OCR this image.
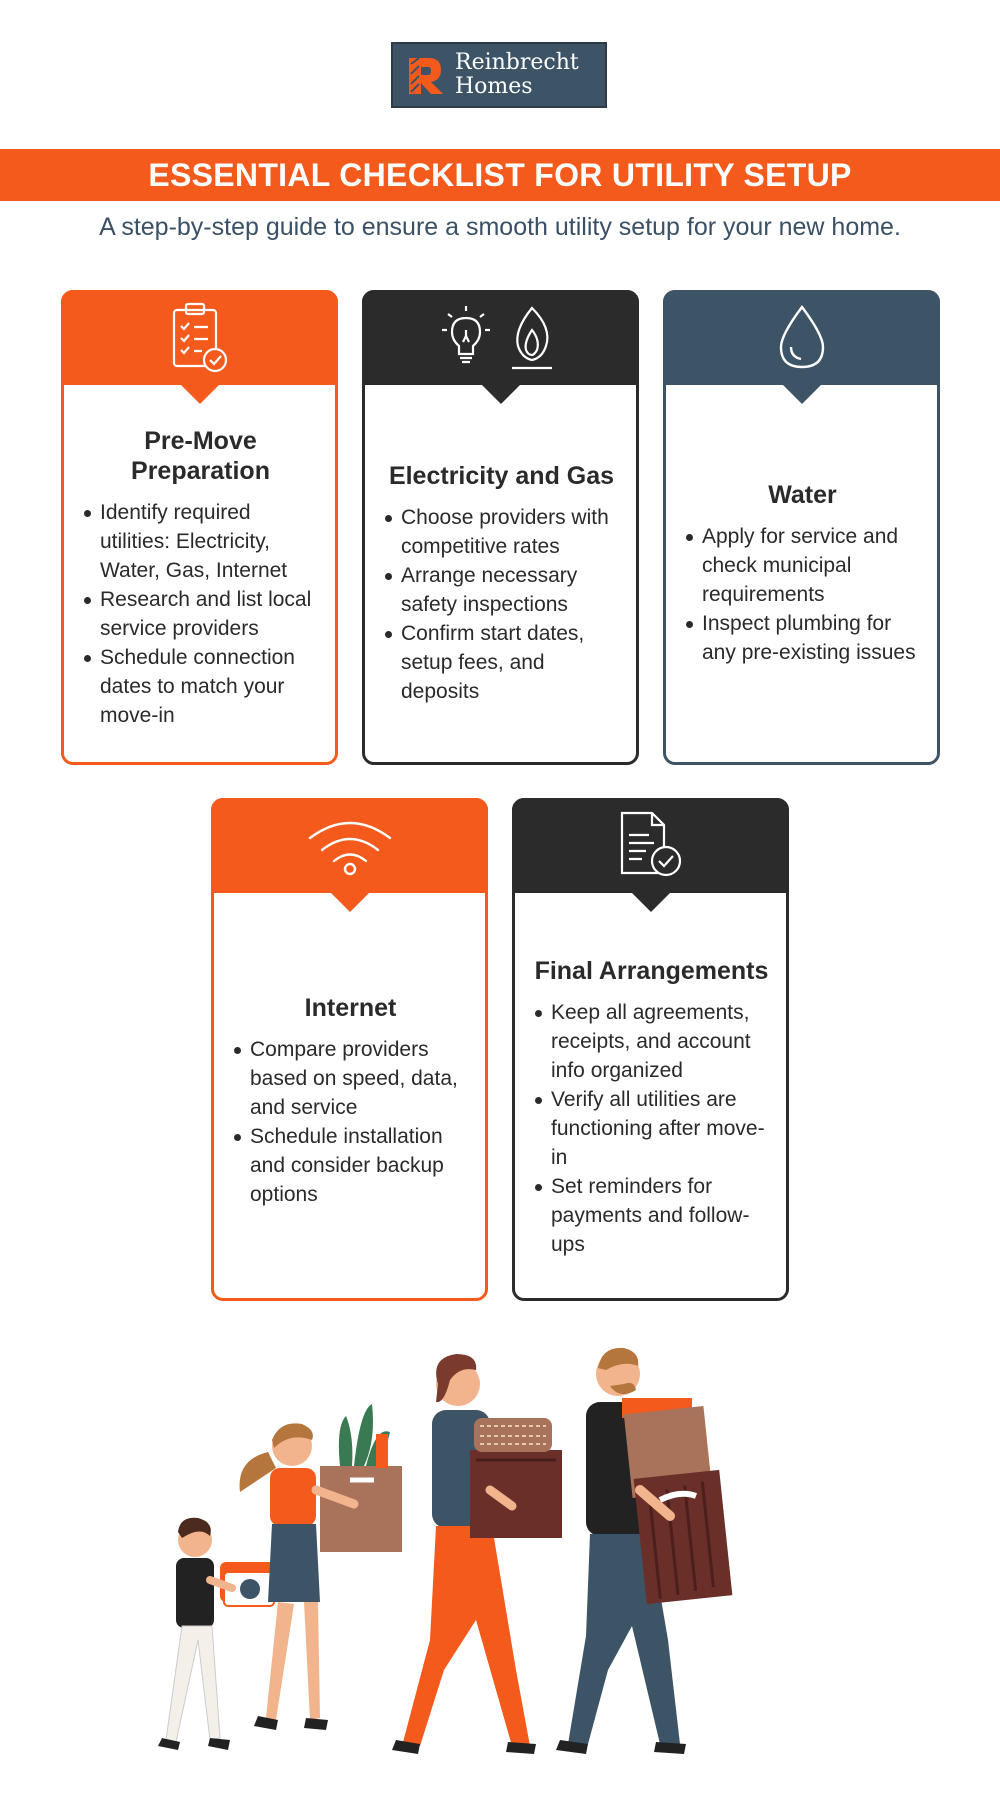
Reinbrecht
Homes
ESSENTIAL CHECKLIST FOR UTILITY SETUP
A step-by-step guide to ensure a smooth utility setup for your new home.
Pre-Move Preparation
Identify required utilities: Electricity, Water, Gas, Internet
Research and list local service providers
Schedule connection dates to match your move-in
Electricity and Gas
Choose providers with competitive rates
Arrange necessary safety inspections
Confirm start dates, setup fees, and deposits
Water
Apply for service and check municipal requirements
Inspect plumbing for any pre-existing issues
Internet
Compare providers based on speed, data, and service
Schedule installation and consider backup options
Final Arrangements
Keep all agreements, receipts, and account info organized
Verify all utilities are functioning after move-in
Set reminders for payments and follow-ups
